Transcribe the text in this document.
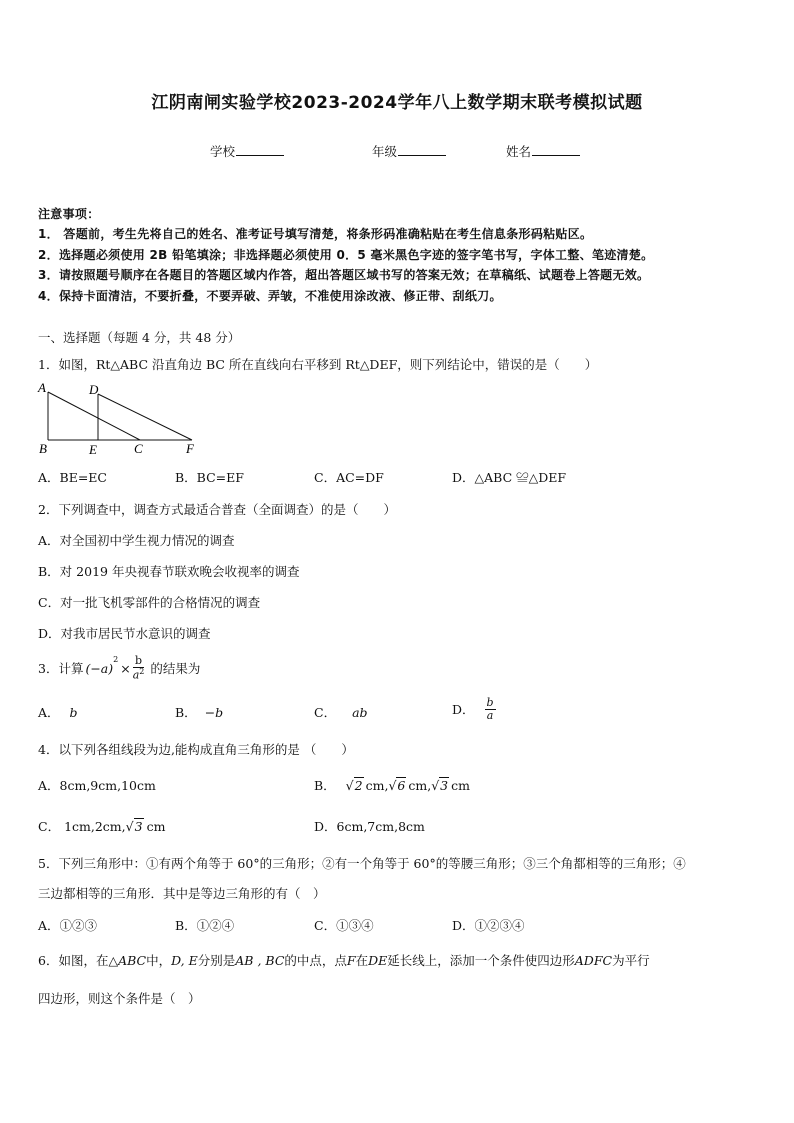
江阴南闸实验学校2023-2024学年八上数学期末联考模拟试题
学校	年级	姓名
注意事项：
1． 答题前，考生先将自己的姓名、准考证号填写清楚，将条形码准确粘贴在考生信息条形码粘贴区。
2．选择题必须使用 2B 铅笔填涂；非选择题必须使用 0．5 毫米黑色字迹的签字笔书写，字体工整、笔迹清楚。
3．请按照题号顺序在各题目的答题区域内作答，超出答题区域书写的答案无效；在草稿纸、试题卷上答题无效。
4．保持卡面清洁，不要折叠，不要弄破、弄皱，不准使用涂改液、修正带、刮纸刀。
一、选择题（每题 4 分，共 48 分）
1．如图，Rt△ABC 沿直角边 BC 所在直线向右平移到 Rt△DEF，则下列结论中，错误的是（　　）
A	D
B	E	C	F
A．BE=EC	B．BC=EF	C．AC=DF	D．△ABC ≌△DEF
2．下列调查中，调查方式最适合普查（全面调查）的是（　　）
A．对全国初中学生视力情况的调查
B．对 2019 年央视春节联欢晚会收视率的调查
C．对一批飞机零部件的合格情况的调查
D．对我市居民节水意识的调查
3．计算 (−a)
$^2$
× $\frac{b}{a^2}$ 的结果为
A． b	B． −b	C． ab	D． $\frac{b}{a}$
4．以下列各组线段为边,能构成直角三角形的是 （　　）
A．8cm,9cm,10cm	B． √2 cm,√6 cm,√3 cm
C． 1cm,2cm,√3 cm	D．6cm,7cm,8cm
5．下列三角形中：①有两个角等于 60°的三角形；②有一个角等于 60°的等腰三角形；③三个角都相等的三角形；④
三边都相等的三角形．其中是等边三角形的有（　）
A．①②③	B．①②④	C．①③④	D．①②③④
6．如图，在△ABC中，D, E分别是AB , BC的中点，点F在DE延长线上，添加一个条件使四边形ADFC为平行
四边形，则这个条件是（　）
